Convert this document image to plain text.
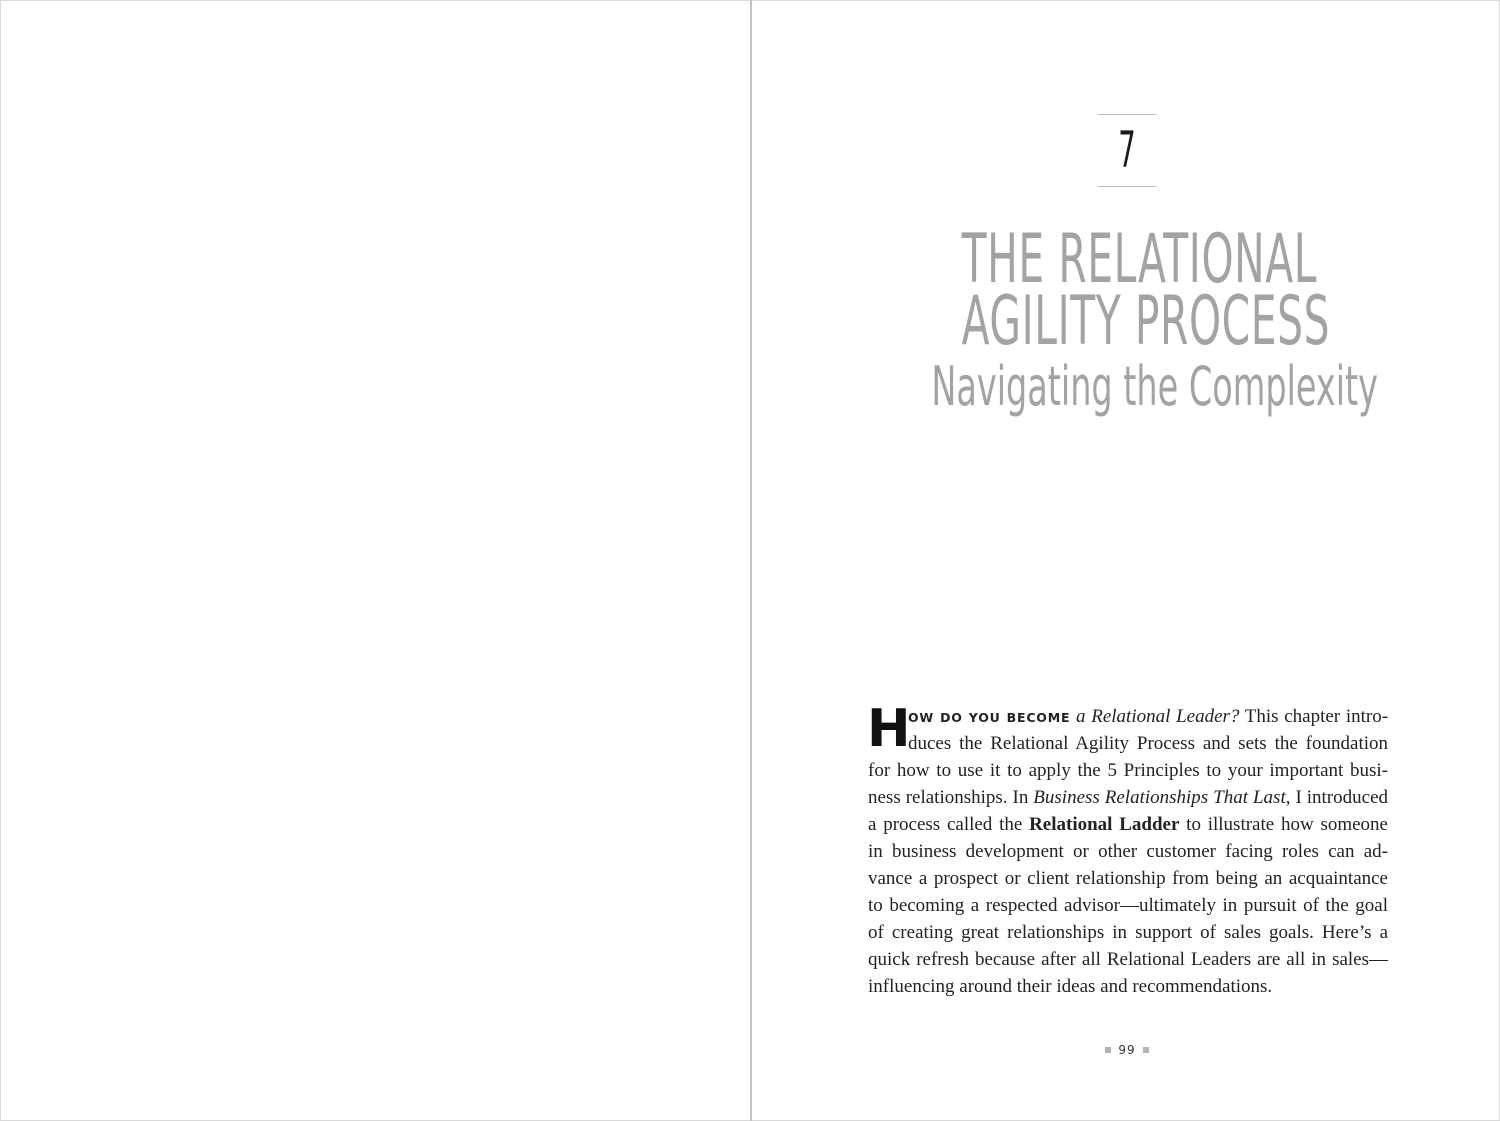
7
THE RELATIONAL
AGILITY PROCESS
Navigating the Complexity
H
OW DO YOU BECOME a Relational Leader? This chapter intro-
duces the Relational Agility Process and sets the foundation
for how to use it to apply the 5 Principles to your important busi-
ness relationships. In Business Relationships That Last, I introduced
a process called the Relational Ladder to illustrate how someone
in business development or other customer facing roles can ad-
vance a prospect or client relationship from being an acquaintance
to becoming a respected advisor—ultimately in pursuit of the goal
of creating great relationships in support of sales goals. Here’s a
quick refresh because after all Relational Leaders are all in sales—
influencing around their ideas and recommendations.
99
